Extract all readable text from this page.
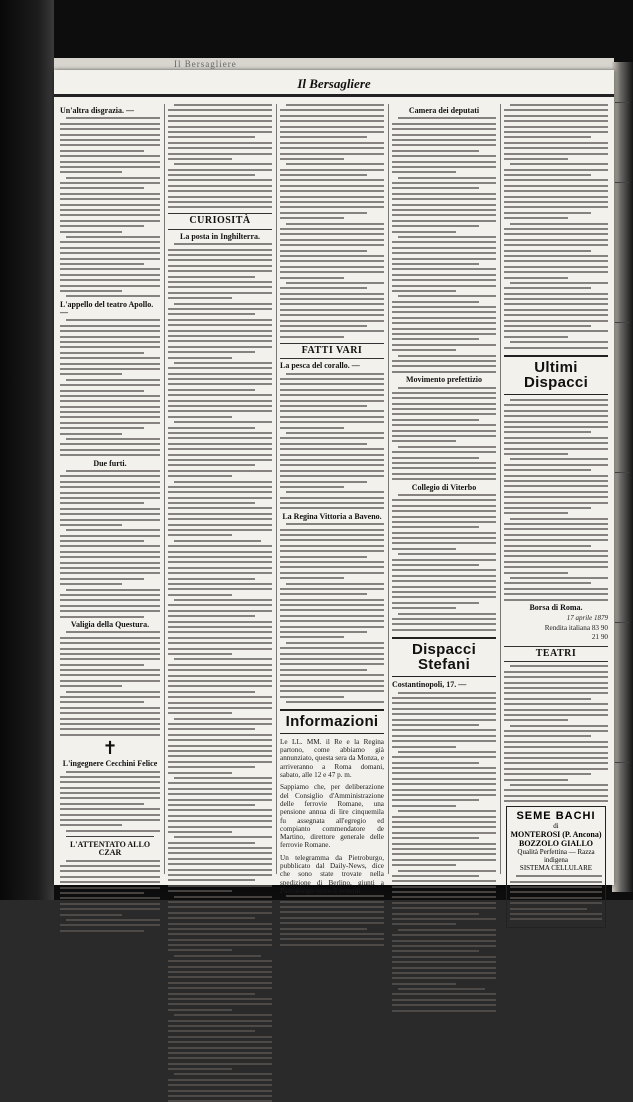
Il Bersagliere
Il Bersagliere
Un'altra disgrazia. —
L'appello del teatro Apollo. —
Due furti.
Valigia della Questura.
✝
L'ingegnere Cecchini Felice
L'ATTENTATO ALLO CZAR
CURIOSITÀ
La posta in Inghilterra.
FATTI VARI
La pesca del corallo. —
La Regina Vittoria a Baveno.
Informazioni

Le LL. MM. il Re e la Regina partono, come abbiamo già annunziato, questa sera da Monza, e arriveranno a Roma domani, sabato, alle 12 e 47 p. m.

Sappiamo che, per deliberazione del Consiglio d'Amministrazione delle ferrovie Romane, una pensione annua di lire cinquemila fu assegnata all'egregio ed compianto commendatore de Martino, direttore generale delle ferrovie Romane.

Un telegramma da Pietroburgo, pubblicato dal Daily-News, dice che sono state trovate nella spedizione di Berlino, giunti a Pietroburgo verso il venerdì.

Camera dei deputati
Movimento prefettizio
Collegio di Viterbo
Dispacci Stefani
Costantinopoli, 17. —
Ultimi Dispacci
Borsa di Roma.
17 aprile 1879
Rendita italiana 83 90
21 90
TEATRI
SEME BACHI
di
MONTEROSI (P. Ancona)
BOZZOLO GIALLO
Qualità Perfettina — Razza indigena
SISTEMA CELLULARE
